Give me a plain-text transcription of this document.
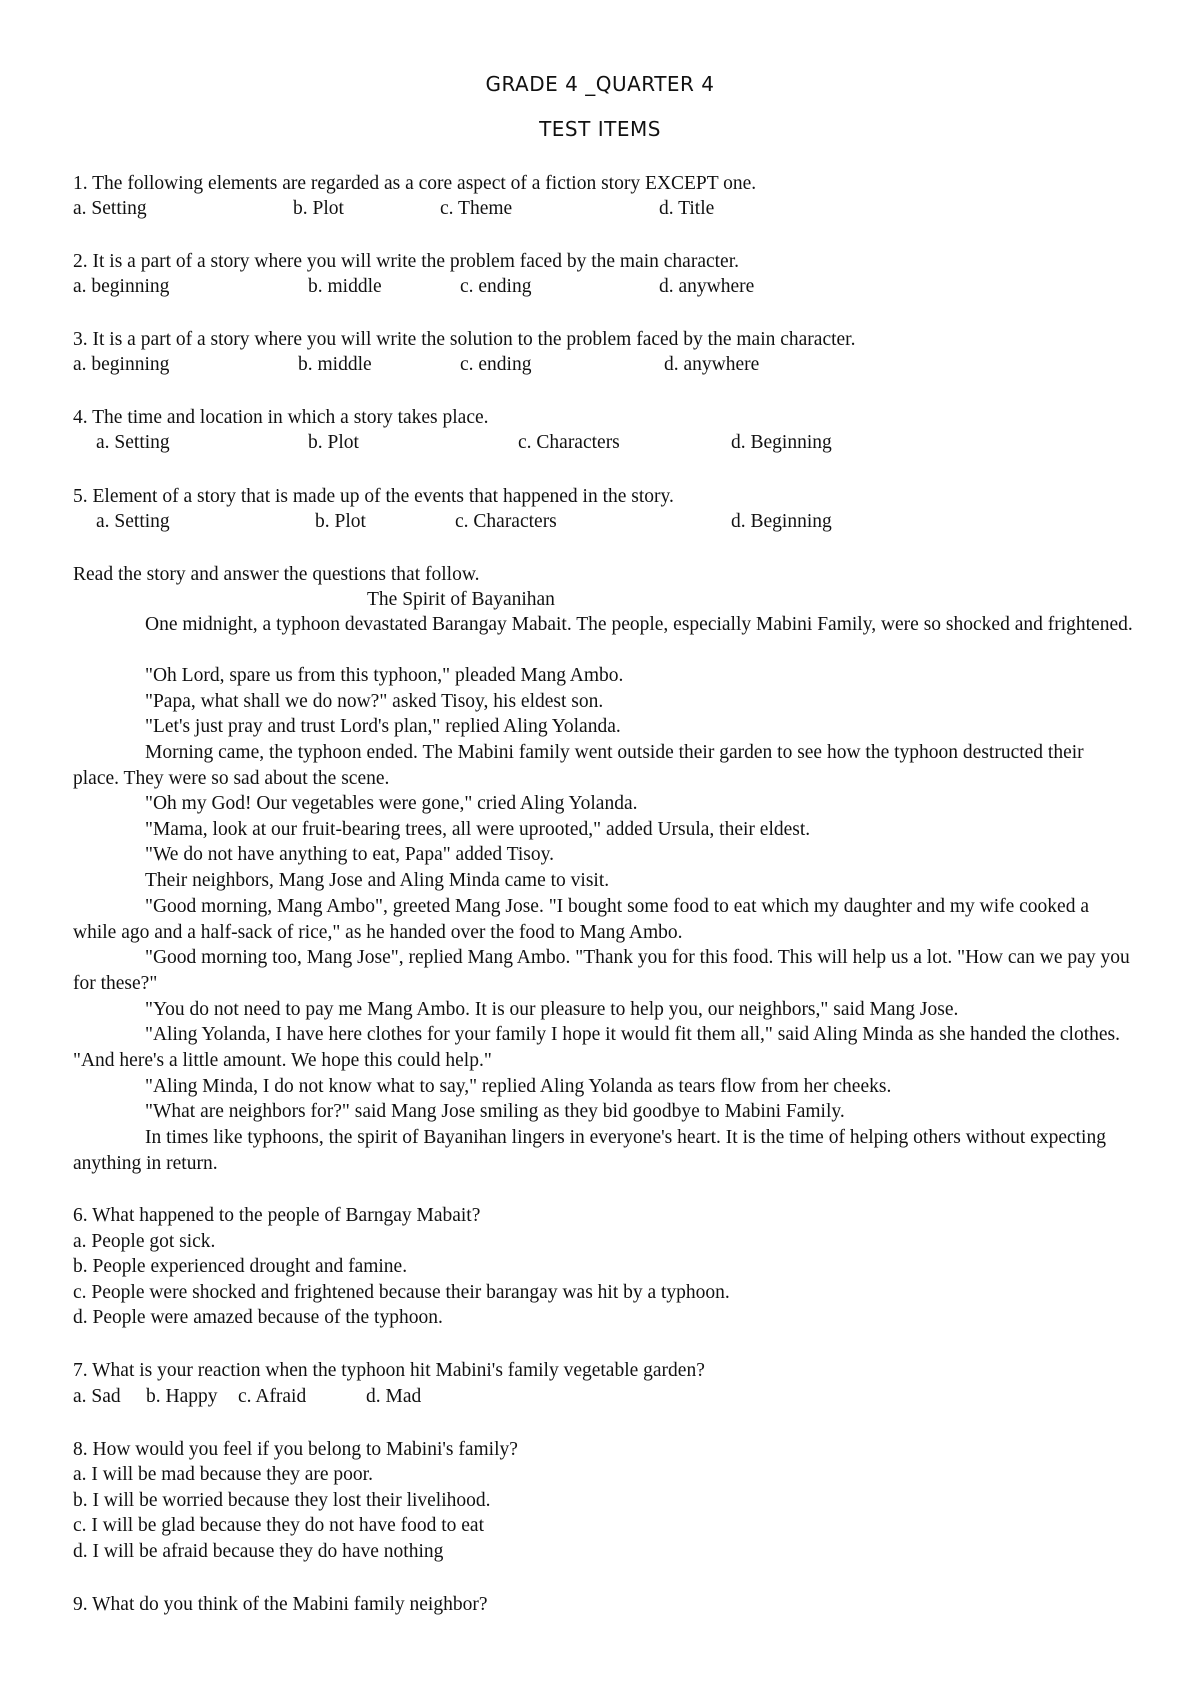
GRADE 4 _QUARTER 4
TEST ITEMS
1. The following elements are regarded as a core aspect of a fiction story EXCEPT one.
a. Setting	b. Plot	c. Theme	d. Title
2. It is a part of a story where you will write the problem faced by the main character.
a. beginning	b. middle	c. ending	d. anywhere
3. It is a part of a story where you will write the solution to the problem faced by the main character.
a. beginning	b. middle	c. ending	d. anywhere
4. The time and location in which a story takes place.
a. Setting	b. Plot	c. Characters	d. Beginning
5. Element of a story that is made up of the events that happened in the story.
a. Setting	b. Plot	c. Characters	d. Beginning
Read the story and answer the questions that follow.
The Spirit of Bayanihan
One midnight, a typhoon devastated Barangay Mabait. The people, especially Mabini Family, were so shocked and frightened.
"Oh Lord, spare us from this typhoon," pleaded Mang Ambo.
"Papa, what shall we do now?" asked Tisoy, his eldest son.
"Let's just pray and trust Lord's plan," replied Aling Yolanda.
Morning came, the typhoon ended. The Mabini family went outside their garden to see how the typhoon destructed their place. They were so sad about the scene.
"Oh my God! Our vegetables were gone," cried Aling Yolanda.
"Mama, look at our fruit-bearing trees, all were uprooted," added Ursula, their eldest.
"We do not have anything to eat, Papa" added Tisoy.
Their neighbors, Mang Jose and Aling Minda came to visit.
"Good morning, Mang Ambo", greeted Mang Jose. "I bought some food to eat which my daughter and my wife cooked a while ago and a half-sack of rice," as he handed over the food to Mang Ambo.
"Good morning too, Mang Jose", replied Mang Ambo. "Thank you for this food. This will help us a lot. "How can we pay you for these?"
"You do not need to pay me Mang Ambo. It is our pleasure to help you, our neighbors," said Mang Jose.
"Aling Yolanda, I have here clothes for your family I hope it would fit them all," said Aling Minda as she handed the clothes. "And here's a little amount. We hope this could help."
"Aling Minda, I do not know what to say," replied Aling Yolanda as tears flow from her cheeks.
"What are neighbors for?" said Mang Jose smiling as they bid goodbye to Mabini Family.
In times like typhoons, the spirit of Bayanihan lingers in everyone's heart. It is the time of helping others without expecting anything in return.
6. What happened to the people of Barngay Mabait?
a. People got sick.
b. People experienced drought and famine.
c. People were shocked and frightened because their barangay was hit by a typhoon.
d. People were amazed because of the typhoon.
7. What is your reaction when the typhoon hit Mabini's family vegetable garden?
a. Sad b. Happy c. Afraid	d. Mad
8. How would you feel if you belong to Mabini's family?
a. I will be mad because they are poor.
b. I will be worried because they lost their livelihood.
c. I will be glad because they do not have food to eat
d. I will be afraid because they do have nothing
9. What do you think of the Mabini family neighbor?
